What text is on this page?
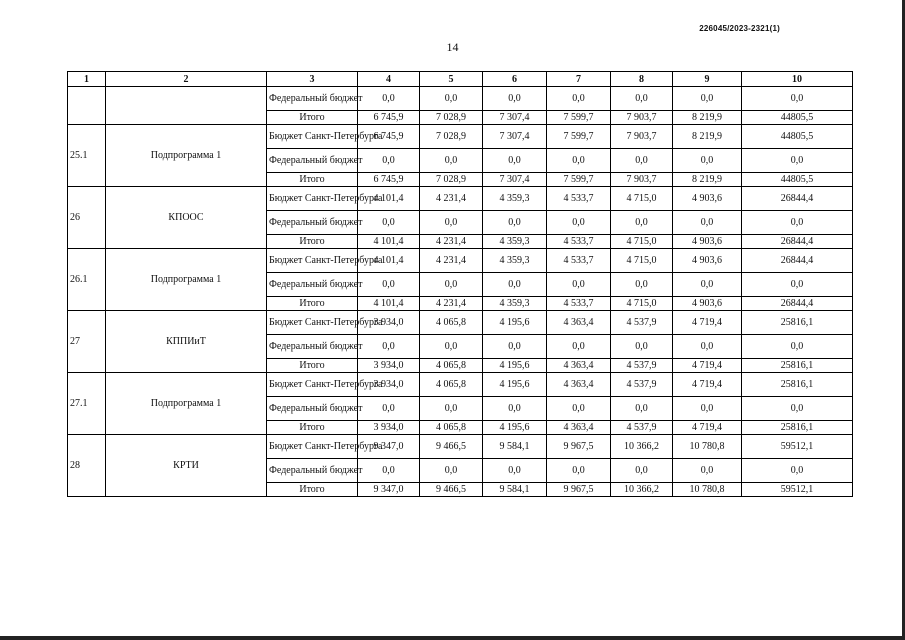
226045/2023-2321(1)
14
1	2	3	4	5	6	7	8	9	10
		Федеральный бюджет	0,0	0,0	0,0	0,0	0,0	0,0	0,0
		Итого	6 745,9	7 028,9	7 307,4	7 599,7	7 903,7	8 219,9	44805,5
25.1	Подпрограмма 1	Бюджет Санкт-Петербурга	6 745,9	7 028,9	7 307,4	7 599,7	7 903,7	8 219,9	44805,5
		Федеральный бюджет	0,0	0,0	0,0	0,0	0,0	0,0	0,0
		Итого	6 745,9	7 028,9	7 307,4	7 599,7	7 903,7	8 219,9	44805,5
26	КПООС	Бюджет Санкт-Петербурга	4 101,4	4 231,4	4 359,3	4 533,7	4 715,0	4 903,6	26844,4
		Федеральный бюджет	0,0	0,0	0,0	0,0	0,0	0,0	0,0
		Итого	4 101,4	4 231,4	4 359,3	4 533,7	4 715,0	4 903,6	26844,4
26.1	Подпрограмма 1	Бюджет Санкт-Петербурга	4 101,4	4 231,4	4 359,3	4 533,7	4 715,0	4 903,6	26844,4
		Федеральный бюджет	0,0	0,0	0,0	0,0	0,0	0,0	0,0
		Итого	4 101,4	4 231,4	4 359,3	4 533,7	4 715,0	4 903,6	26844,4
27	КППИиТ	Бюджет Санкт-Петербурга	3 934,0	4 065,8	4 195,6	4 363,4	4 537,9	4 719,4	25816,1
		Федеральный бюджет	0,0	0,0	0,0	0,0	0,0	0,0	0,0
		Итого	3 934,0	4 065,8	4 195,6	4 363,4	4 537,9	4 719,4	25816,1
27.1	Подпрограмма 1	Бюджет Санкт-Петербурга	3 934,0	4 065,8	4 195,6	4 363,4	4 537,9	4 719,4	25816,1
		Федеральный бюджет	0,0	0,0	0,0	0,0	0,0	0,0	0,0
		Итого	3 934,0	4 065,8	4 195,6	4 363,4	4 537,9	4 719,4	25816,1
28	КРТИ	Бюджет Санкт-Петербурга	9 347,0	9 466,5	9 584,1	9 967,5	10 366,2	10 780,8	59512,1
		Федеральный бюджет	0,0	0,0	0,0	0,0	0,0	0,0	0,0
		Итого	9 347,0	9 466,5	9 584,1	9 967,5	10 366,2	10 780,8	59512,1
